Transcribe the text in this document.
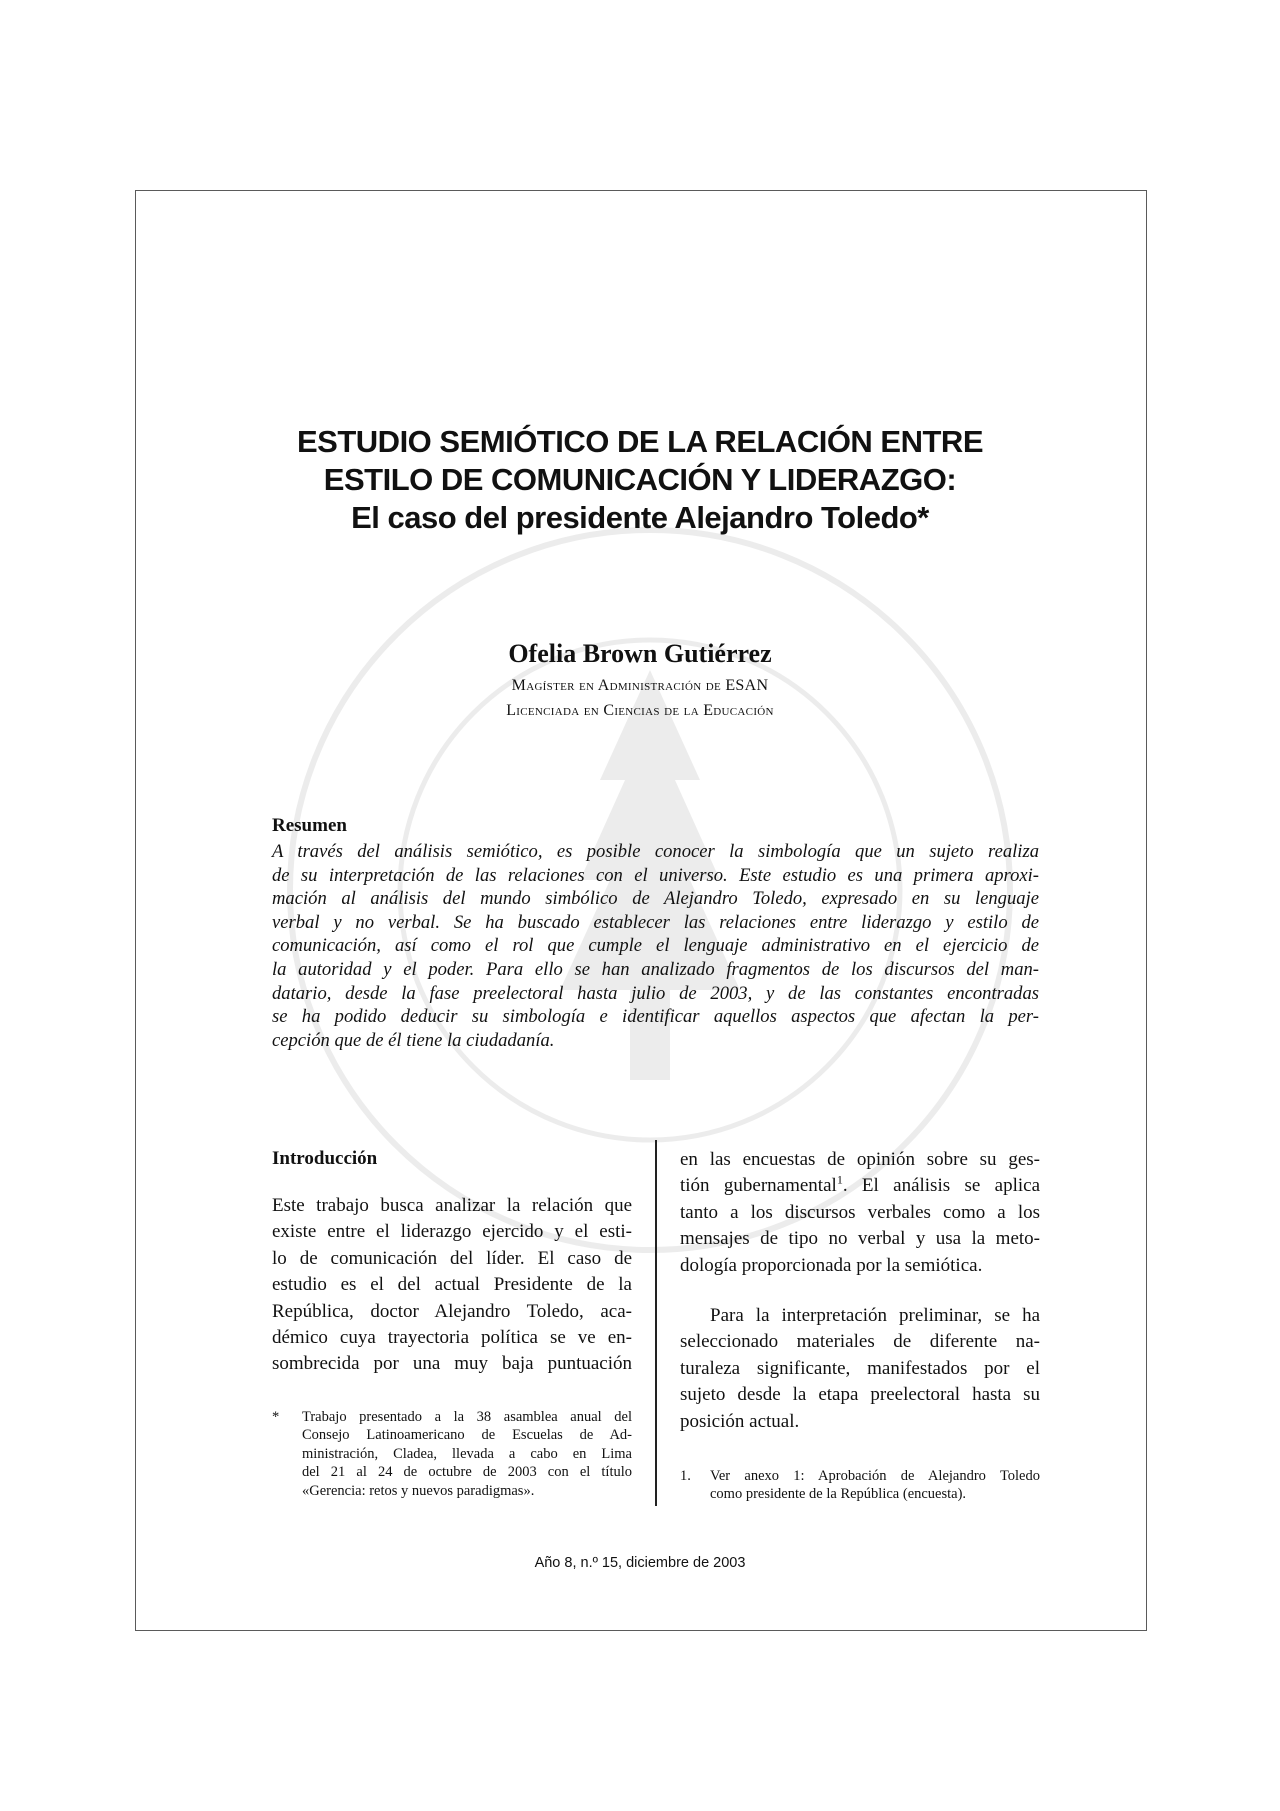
ESTUDIO SEMIÓTICO DE LA RELACIÓN ENTRE
ESTILO DE COMUNICACIÓN Y LIDERAZGO:
El caso del presidente Alejandro Toledo*
Ofelia Brown Gutiérrez
Magíster en Administración de ESAN
Licenciada en Ciencias de la Educación
Resumen
A través del análisis semiótico, es posible conocer la simbología que un sujeto realiza
de su interpretación de las relaciones con el universo. Este estudio es una primera aproxi-
mación al análisis del mundo simbólico de Alejandro Toledo, expresado en su lenguaje
verbal y no verbal. Se ha buscado establecer las relaciones entre liderazgo y estilo de
comunicación, así como el rol que cumple el lenguaje administrativo en el ejercicio de
la autoridad y el poder. Para ello se han analizado fragmentos de los discursos del man-
datario, desde la fase preelectoral hasta julio de 2003, y de las constantes encontradas
se ha podido deducir su simbología e identificar aquellos aspectos que afectan la per-
cepción que de él tiene la ciudadanía.
Introducción
Este trabajo busca analizar la relación que
existe entre el liderazgo ejercido y el esti-
lo de comunicación del líder. El caso de
estudio es el del actual Presidente de la
República, doctor Alejandro Toledo, aca-
démico cuya trayectoria política se ve en-
sombrecida por una muy baja puntuación
en las encuestas de opinión sobre su ges-
tión gubernamental$^1$. El análisis se aplica
tanto a los discursos verbales como a los
mensajes de tipo no verbal y usa la meto-
dología proporcionada por la semiótica.
Para la interpretación preliminar, se ha
seleccionado materiales de diferente na-
turaleza significante, manifestados por el
sujeto desde la etapa preelectoral hasta su
posición actual.
* Trabajo presentado a la 38 asamblea anual del
Consejo Latinoamericano de Escuelas de Ad-
ministración, Cladea, llevada a cabo en Lima
del 21 al 24 de octubre de 2003 con el título
«Gerencia: retos y nuevos paradigmas».
1. Ver anexo 1: Aprobación de Alejandro Toledo
como presidente de la República (encuesta).
Año 8, n.º 15, diciembre de 2003
